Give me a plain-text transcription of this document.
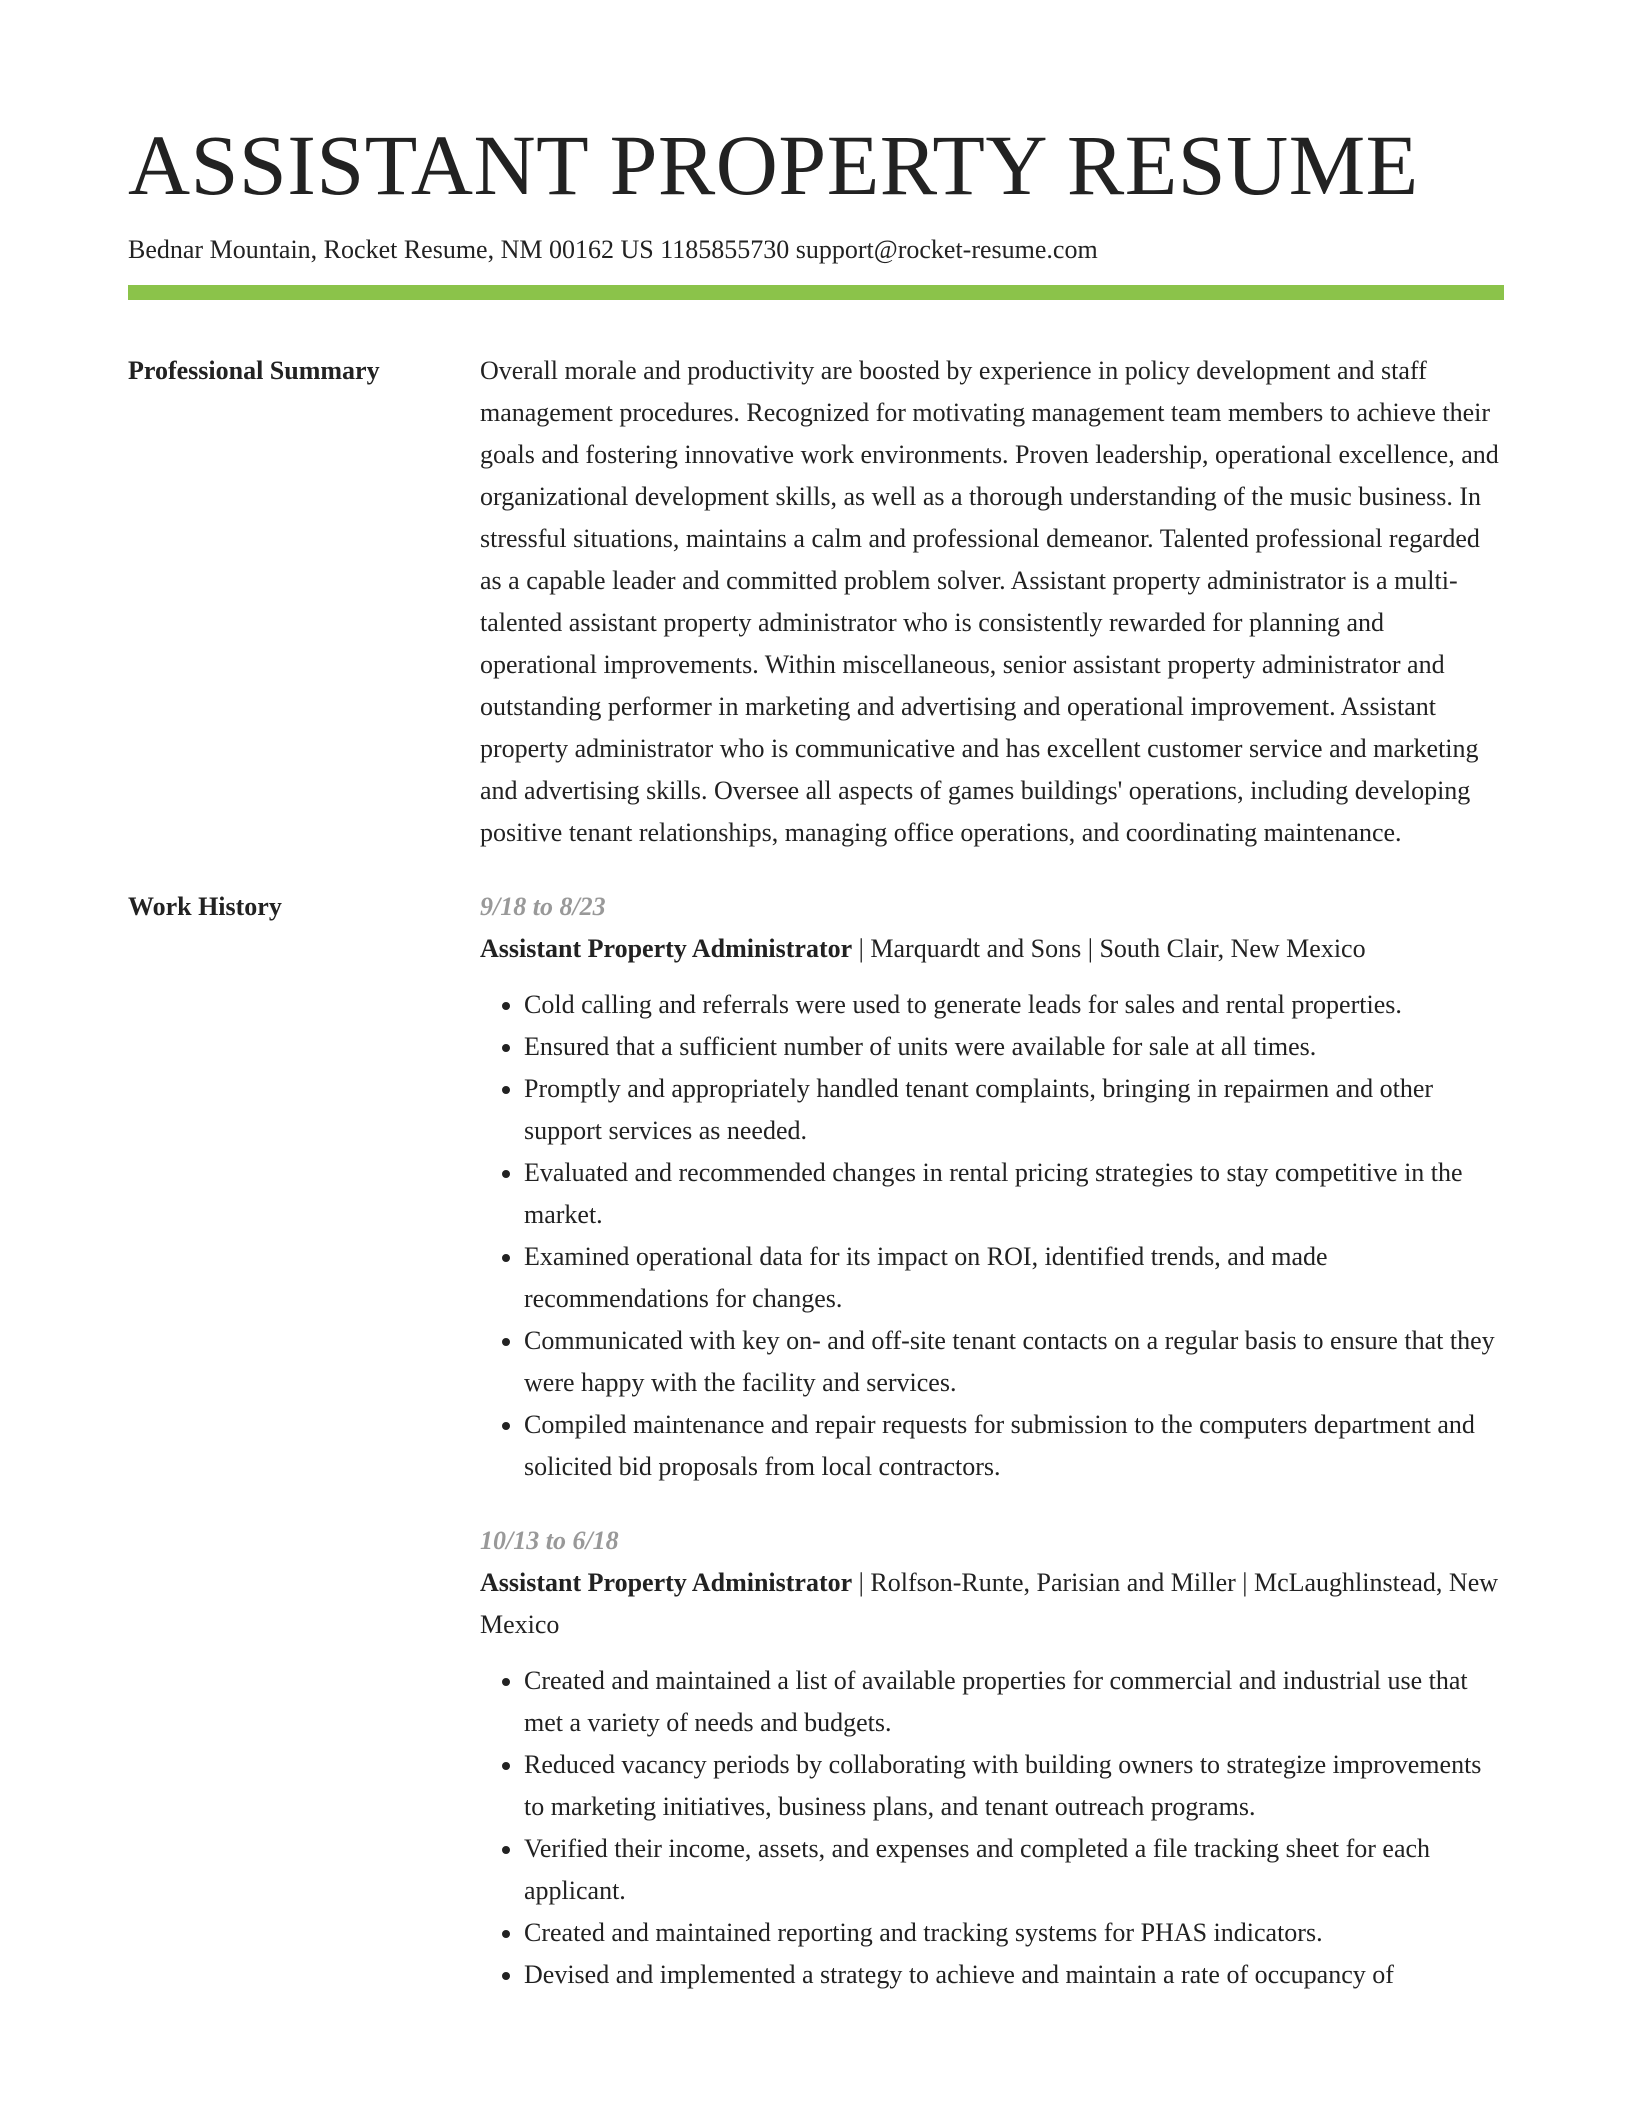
ASSISTANT PROPERTY RESUME
Bednar Mountain, Rocket Resume, NM 00162 US 1185855730 support@rocket-resume.com
Professional Summary	Overall morale and productivity are boosted by experience in policy development and staff management procedures. Recognized for motivating management team members to achieve their goals and fostering innovative work environments. Proven leadership, operational excellence, and organizational development skills, as well as a thorough understanding of the music business. In stressful situations, maintains a calm and professional demeanor. Talented professional regarded as a capable leader and committed problem solver. Assistant property administrator is a multi-talented assistant property administrator who is consistently rewarded for planning and operational improvements. Within miscellaneous, senior assistant property administrator and outstanding performer in marketing and advertising and operational improvement. Assistant property administrator who is communicative and has excellent customer service and marketing and advertising skills. Oversee all aspects of games buildings' operations, including developing positive tenant relationships, managing office operations, and coordinating maintenance.
Work History	9/18 to 8/23
Assistant Property Administrator | Marquardt and Sons | South Clair, New Mexico
• Cold calling and referrals were used to generate leads for sales and rental properties.
• Ensured that a sufficient number of units were available for sale at all times.
• Promptly and appropriately handled tenant complaints, bringing in repairmen and other support services as needed.
• Evaluated and recommended changes in rental pricing strategies to stay competitive in the market.
• Examined operational data for its impact on ROI, identified trends, and made recommendations for changes.
• Communicated with key on- and off-site tenant contacts on a regular basis to ensure that they were happy with the facility and services.
• Compiled maintenance and repair requests for submission to the computers department and solicited bid proposals from local contractors.
10/13 to 6/18
Assistant Property Administrator | Rolfson-Runte, Parisian and Miller | McLaughlinstead, New Mexico
• Created and maintained a list of available properties for commercial and industrial use that met a variety of needs and budgets.
• Reduced vacancy periods by collaborating with building owners to strategize improvements to marketing initiatives, business plans, and tenant outreach programs.
• Verified their income, assets, and expenses and completed a file tracking sheet for each applicant.
• Created and maintained reporting and tracking systems for PHAS indicators.
• Devised and implemented a strategy to achieve and maintain a rate of occupancy of
